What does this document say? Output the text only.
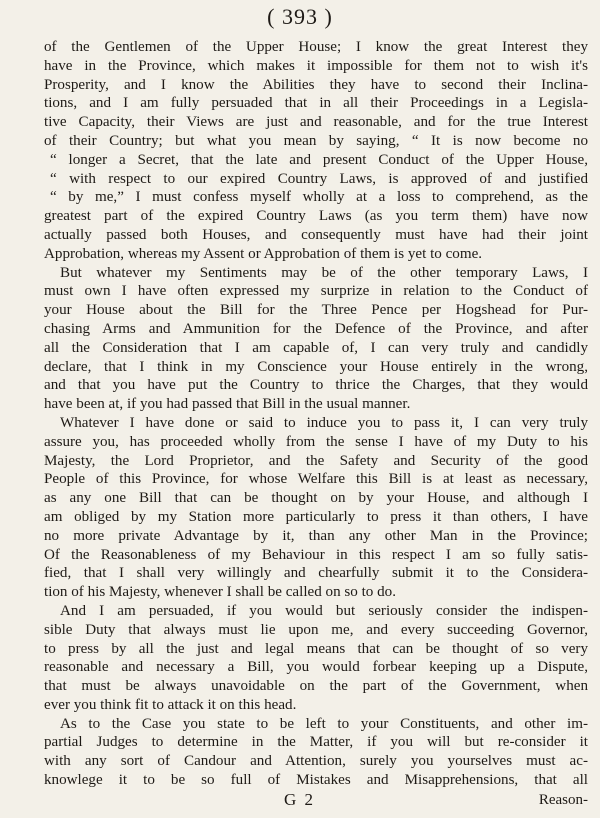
( 393 )
of the Gentlemen of the Upper House; I know the great Interest they
have in the Province, which makes it impossible for them not to wish it's
Prosperity, and I know the Abilities they have to second their Inclina-
tions, and I am fully persuaded that in all their Proceedings in a Legisla-
tive Capacity, their Views are just and reasonable, and for the true Interest
of their Country; but what you mean by saying, “ It is now become no
“ longer a Secret, that the late and present Conduct of the Upper House,
“ with respect to our expired Country Laws, is approved of and justified
“ by me,” I must confess myself wholly at a loss to comprehend, as the
greatest part of the expired Country Laws (as you term them) have now
actually passed both Houses, and consequently must have had their joint
Approbation, whereas my Assent or Approbation of them is yet to come.
But whatever my Sentiments may be of the other temporary Laws, I
must own I have often expressed my surprize in relation to the Conduct of
your House about the Bill for the Three Pence per Hogshead for Pur-
chasing Arms and Ammunition for the Defence of the Province, and after
all the Consideration that I am capable of, I can very truly and candidly
declare, that I think in my Conscience your House entirely in the wrong,
and that you have put the Country to thrice the Charges, that they would
have been at, if you had passed that Bill in the usual manner.
Whatever I have done or said to induce you to pass it, I can very truly
assure you, has proceeded wholly from the sense I have of my Duty to his
Majesty, the Lord Proprietor, and the Safety and Security of the good
People of this Province, for whose Welfare this Bill is at least as necessary,
as any one Bill that can be thought on by your House, and although I
am obliged by my Station more particularly to press it than others, I have
no more private Advantage by it, than any other Man in the Province;
Of the Reasonableness of my Behaviour in this respect I am so fully satis-
fied, that I shall very willingly and chearfully submit it to the Considera-
tion of his Majesty, whenever I shall be called on so to do.
And I am persuaded, if you would but seriously consider the indispen-
sible Duty that always must lie upon me, and every succeeding Governor,
to press by all the just and legal means that can be thought of so very
reasonable and necessary a Bill, you would forbear keeping up a Dispute,
that must be always unavoidable on the part of the Government, when
ever you think fit to attack it on this head.
As to the Case you state to be left to your Constituents, and other im-
partial Judges to determine in the Matter, if you will but re-consider it
with any sort of Candour and Attention, surely you yourselves must ac-
knowlege it to be so full of Mistakes and Misapprehensions, that all
G 2	Reason-
